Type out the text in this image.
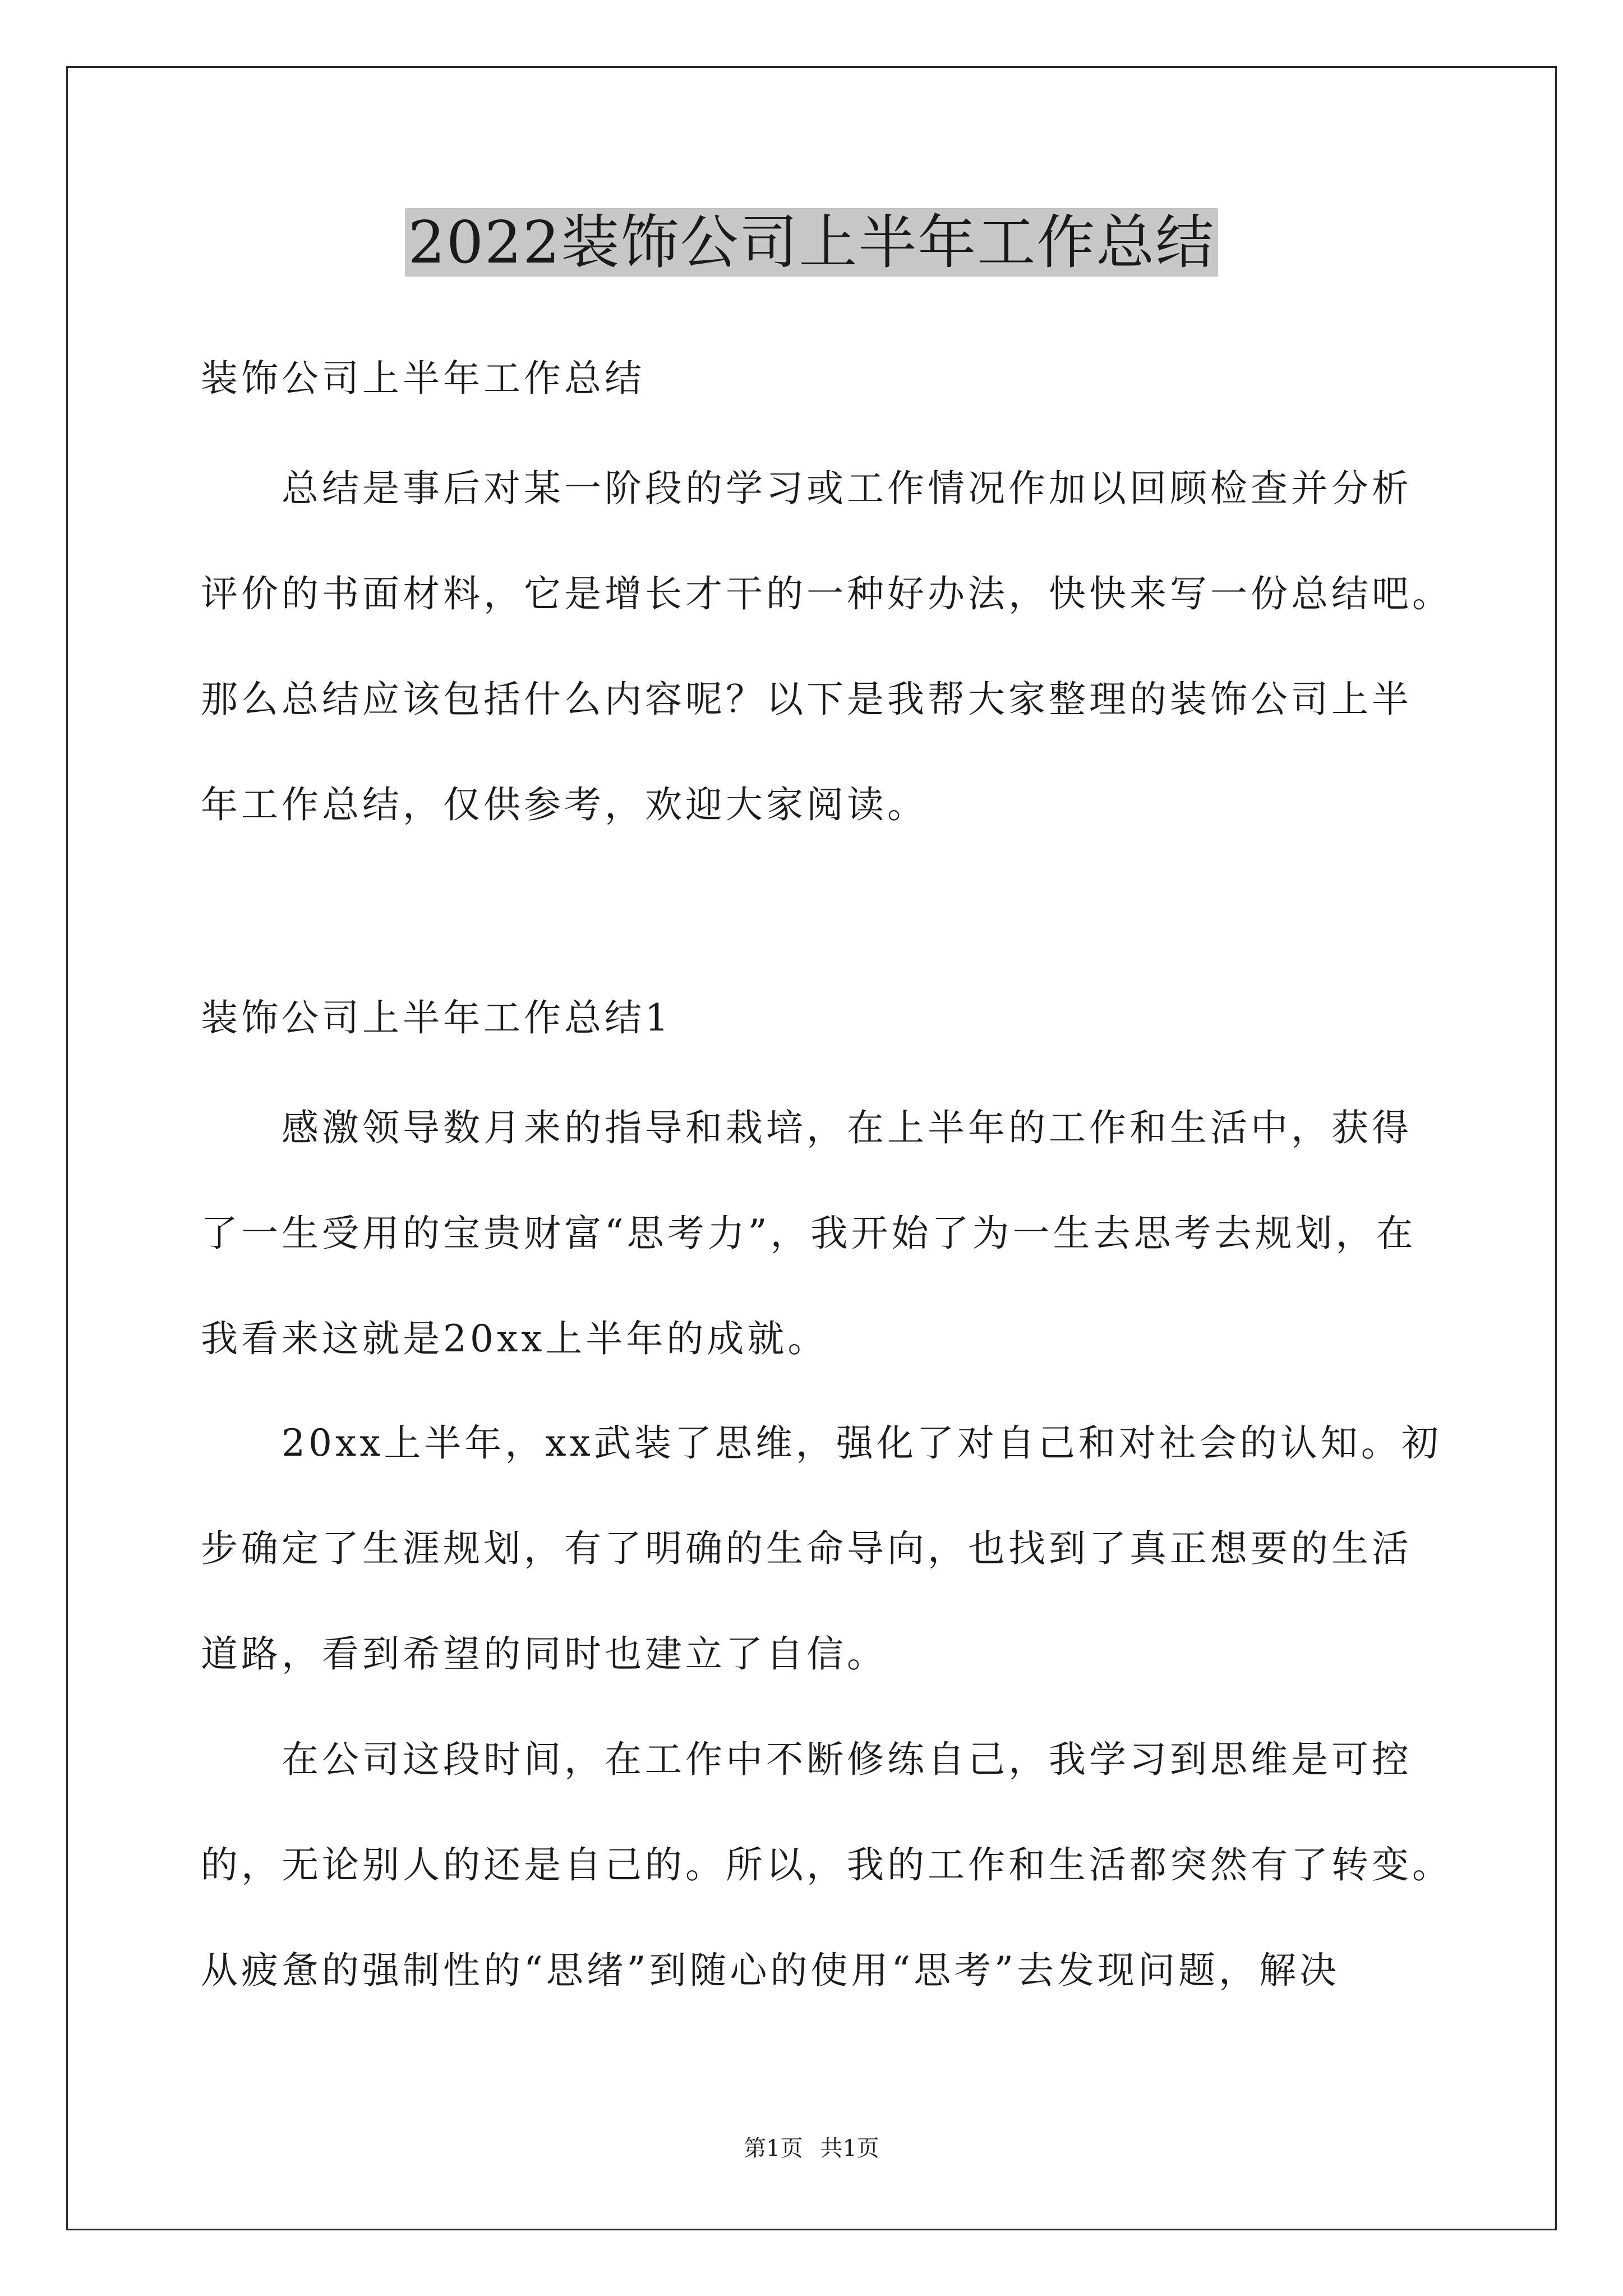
2022装饰公司上半年工作总结
装饰公司上半年工作总结
　　总结是事后对某一阶段的学习或工作情况作加以回顾检查并分析
评价的书面材料，它是增长才干的一种好办法，快快来写一份总结吧。
那么总结应该包括什么内容呢？以下是我帮大家整理的装饰公司上半
年工作总结，仅供参考，欢迎大家阅读。
装饰公司上半年工作总结1
　　感激领导数月来的指导和栽培，在上半年的工作和生活中，获得
了一生受用的宝贵财富“思考力”，我开始了为一生去思考去规划，在
我看来这就是20xx上半年的成就。
　　20xx上半年，xx武装了思维，强化了对自己和对社会的认知。初
步确定了生涯规划，有了明确的生命导向，也找到了真正想要的生活
道路，看到希望的同时也建立了自信。
　　在公司这段时间，在工作中不断修练自己，我学习到思维是可控
的，无论别人的还是自己的。所以，我的工作和生活都突然有了转变。
从疲惫的强制性的“思绪”到随心的使用“思考”去发现问题，解决
第1页 共1页
